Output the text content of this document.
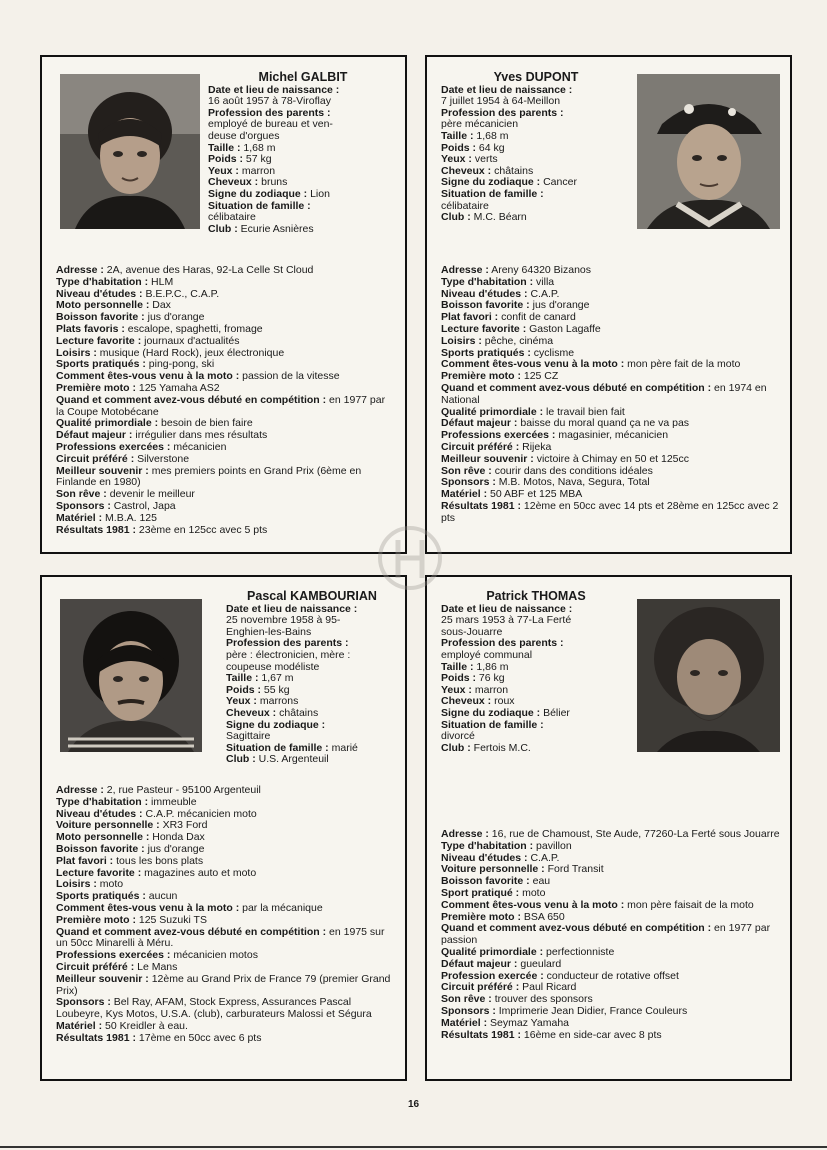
Michel GALBIT
Date et lieu de naissance :
16 août 1957 à 78-Viroflay
Profession des parents :
employé de bureau et ven-
deuse d'orgues
Taille : 1,68 m
Poids : 57 kg
Yeux : marron
Cheveux : bruns
Signe du zodiaque : Lion
Situation de famille :
célibataire
Club : Ecurie Asnières
Adresse : 2A, avenue des Haras, 92-La Celle St Cloud
Type d'habitation : HLM
Niveau d'études : B.E.P.C., C.A.P.
Moto personnelle : Dax
Boisson favorite : jus d'orange
Plats favoris : escalope, spaghetti, fromage
Lecture favorite : journaux d'actualités
Loisirs : musique (Hard Rock), jeux électronique
Sports pratiqués : ping-pong, ski
Comment êtes-vous venu à la moto : passion de la vitesse
Première moto : 125 Yamaha AS2
Quand et comment avez-vous débuté en compétition : en 1977 par la Coupe Motobécane
Qualité primordiale : besoin de bien faire
Défaut majeur : irrégulier dans mes résultats
Professions exercées : mécanicien
Circuit préféré : Silverstone
Meilleur souvenir : mes premiers points en Grand Prix (6ème en Finlande en 1980)
Son rêve : devenir le meilleur
Sponsors : Castrol, Japa
Matériel : M.B.A. 125
Résultats 1981 : 23ème en 125cc avec 5 pts
Yves DUPONT
Date et lieu de naissance :
7 juillet 1954 à 64-Meillon
Profession des parents :
père mécanicien
Taille : 1,68 m
Poids : 64 kg
Yeux : verts
Cheveux : châtains
Signe du zodiaque : Cancer
Situation de famille :
célibataire
Club : M.C. Béarn
Adresse : Areny 64320 Bizanos
Type d'habitation : villa
Niveau d'études : C.A.P.
Boisson favorite : jus d'orange
Plat favori : confit de canard
Lecture favorite : Gaston Lagaffe
Loisirs : pêche, cinéma
Sports pratiqués : cyclisme
Comment êtes-vous venu à la moto : mon père fait de la moto
Première moto : 125 CZ
Quand et comment avez-vous débuté en compétition : en 1974 en National
Qualité primordiale : le travail bien fait
Défaut majeur : baisse du moral quand ça ne va pas
Professions exercées : magasinier, mécanicien
Circuit préféré : Rijeka
Meilleur souvenir : victoire à Chimay en 50 et 125cc
Son rêve : courir dans des conditions idéales
Sponsors : M.B. Motos, Nava, Segura, Total
Matériel : 50 ABF et 125 MBA
Résultats 1981 : 12ème en 50cc avec 14 pts et 28ème en 125cc avec 2 pts
Pascal KAMBOURIAN
Date et lieu de naissance :
25 novembre 1958 à 95-
Enghien-les-Bains
Profession des parents :
père : électronicien, mère :
coupeuse modéliste
Taille : 1,67 m
Poids : 55 kg
Yeux : marrons
Cheveux : châtains
Signe du zodiaque :
Sagittaire
Situation de famille : marié
Club : U.S. Argenteuil
Adresse : 2, rue Pasteur - 95100 Argenteuil
Type d'habitation : immeuble
Niveau d'études : C.A.P. mécanicien moto
Voiture personnelle : XR3 Ford
Moto personnelle : Honda Dax
Boisson favorite : jus d'orange
Plat favori : tous les bons plats
Lecture favorite : magazines auto et moto
Loisirs : moto
Sports pratiqués : aucun
Comment êtes-vous venu à la moto : par la mécanique
Première moto : 125 Suzuki TS
Quand et comment avez-vous débuté en compétition : en 1975 sur un 50cc Minarelli à Méru.
Professions exercées : mécanicien motos
Circuit préféré : Le Mans
Meilleur souvenir : 12ème au Grand Prix de France 79 (premier Grand Prix)
Sponsors : Bel Ray, AFAM, Stock Express, Assurances Pascal Loubeyre, Kys Motos, U.S.A. (club), carburateurs Malossi et Ségura
Matériel : 50 Kreidler à eau.
Résultats 1981 : 17ème en 50cc avec 6 pts
Patrick THOMAS
Date et lieu de naissance :
25 mars 1953 à 77-La Ferté
sous-Jouarre
Profession des parents :
employé communal
Taille : 1,86 m
Poids : 76 kg
Yeux : marron
Cheveux : roux
Signe du zodiaque : Bélier
Situation de famille :
divorcé
Club : Fertois M.C.
Adresse : 16, rue de Chamoust, Ste Aude, 77260-La Ferté sous Jouarre
Type d'habitation : pavillon
Niveau d'études : C.A.P.
Voiture personnelle : Ford Transit
Boisson favorite : eau
Sport pratiqué : moto
Comment êtes-vous venu à la moto : mon père faisait de la moto
Première moto : BSA 650
Quand et comment avez-vous débuté en compétition : en 1977 par passion
Qualité primordiale : perfectionniste
Défaut majeur : gueulard
Profession exercée : conducteur de rotative offset
Circuit préféré : Paul Ricard
Son rêve : trouver des sponsors
Sponsors : Imprimerie Jean Didier, France Couleurs
Matériel : Seymaz Yamaha
Résultats 1981 : 16ème en side-car avec 8 pts
16
